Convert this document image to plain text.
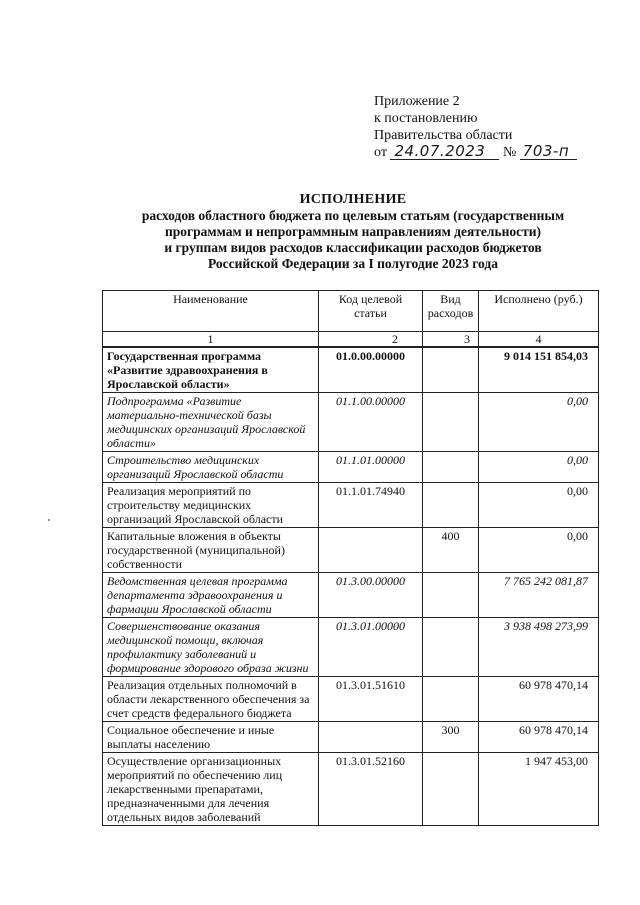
Приложение 2
к постановлению
Правительства области
от 24.07.2023 № 703-п
ИСПОЛНЕНИЕ
расходов областного бюджета по целевым статьям (государственным
программам и непрограммным направлениям деятельности)
и группам видов расходов классификации расходов бюджетов
Российской Федерации за I полугодие 2023 года
Наименование	Код целевой статьи	Вид расходов	Исполнено (руб.)
1	2	3	4
Государственная программа «Развитие здравоохранения в Ярославской области»	01.0.00.00000		9 014 151 854,03
Подпрограмма «Развитие материально-технической базы медицинских организаций Ярославской области»	01.1.00.00000		0,00
Строительство медицинских организаций Ярославской области	01.1.01.00000		0,00
Реализация мероприятий по строительству медицинских организаций Ярославской области	01.1.01.74940		0,00
Капитальные вложения в объекты государственной (муниципальной) собственности		400	0,00
Ведомственная целевая программа департамента здравоохранения и фармации Ярославской области	01.3.00.00000		7 765 242 081,87
Совершенствование оказания медицинской помощи, включая профилактику заболеваний и формирование здорового образа жизни	01.3.01.00000		3 938 498 273,99
Реализация отдельных полномочий в области лекарственного обеспечения за счет средств федерального бюджета	01.3.01.51610		60 978 470,14
Социальное обеспечение и иные выплаты населению		300	60 978 470,14
Осуществление организационных мероприятий по обеспечению лиц лекарственными препаратами, предназначенными для лечения отдельных видов заболеваний	01.3.01.52160		1 947 453,00
